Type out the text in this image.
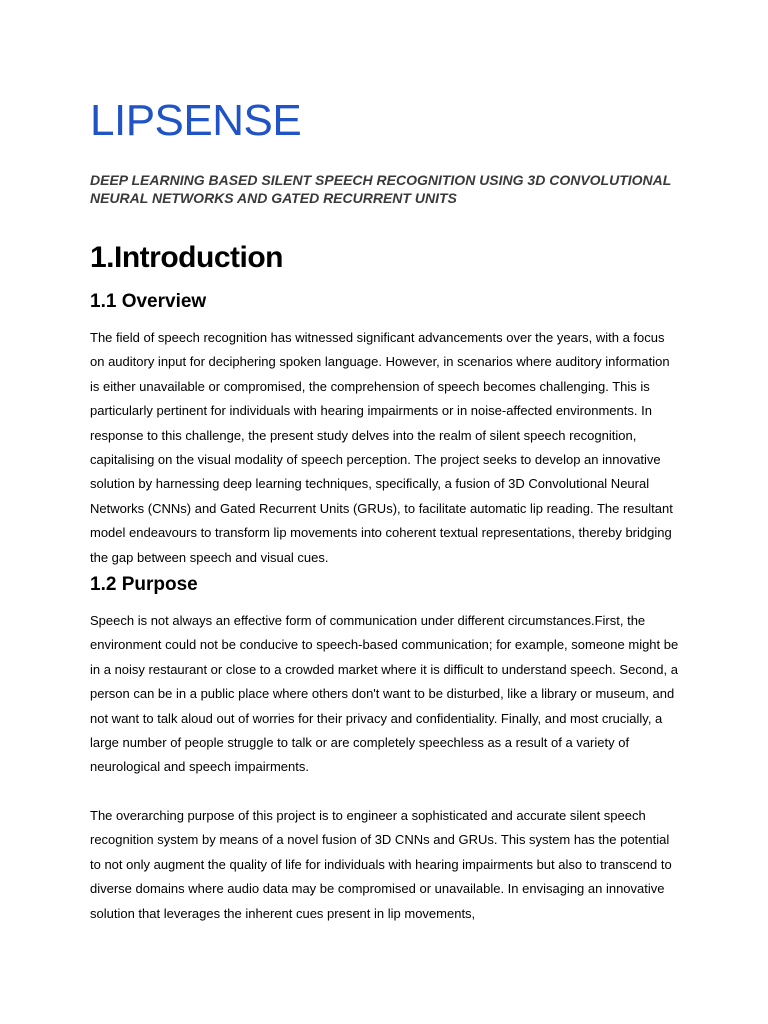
LIPSENSE

DEEP LEARNING BASED SILENT SPEECH RECOGNITION USING 3D CONVOLUTIONAL NEURAL NETWORKS AND GATED RECURRENT UNITS

1.Introduction
1.1 Overview

The field of speech recognition has witnessed significant advancements over the years, with a focus on auditory input for deciphering spoken language. However, in scenarios where auditory information is either unavailable or compromised, the comprehension of speech becomes challenging. This is particularly pertinent for individuals with hearing impairments or in noise-affected environments. In response to this challenge, the present study delves into the realm of silent speech recognition, capitalising on the visual modality of speech perception. The project seeks to develop an innovative solution by harnessing deep learning techniques, specifically, a fusion of 3D Convolutional Neural Networks (CNNs) and Gated Recurrent Units (GRUs), to facilitate automatic lip reading. The resultant model endeavours to transform lip movements into coherent textual representations, thereby bridging the gap between speech and visual cues.

1.2 Purpose

Speech is not always an effective form of communication under different circumstances.First, the environment could not be conducive to speech-based communication; for example, someone might be in a noisy restaurant or close to a crowded market where it is difficult to understand speech. Second, a person can be in a public place where others don't want to be disturbed, like a library or museum, and not want to talk aloud out of worries for their privacy and confidentiality. Finally, and most crucially, a large number of people struggle to talk or are completely speechless as a result of a variety of neurological and speech impairments.

The overarching purpose of this project is to engineer a sophisticated and accurate silent speech recognition system by means of a novel fusion of 3D CNNs and GRUs. This system has the potential to not only augment the quality of life for individuals with hearing impairments but also to transcend to diverse domains where audio data may be compromised or unavailable. In envisaging an innovative solution that leverages the inherent cues present in lip movements,
